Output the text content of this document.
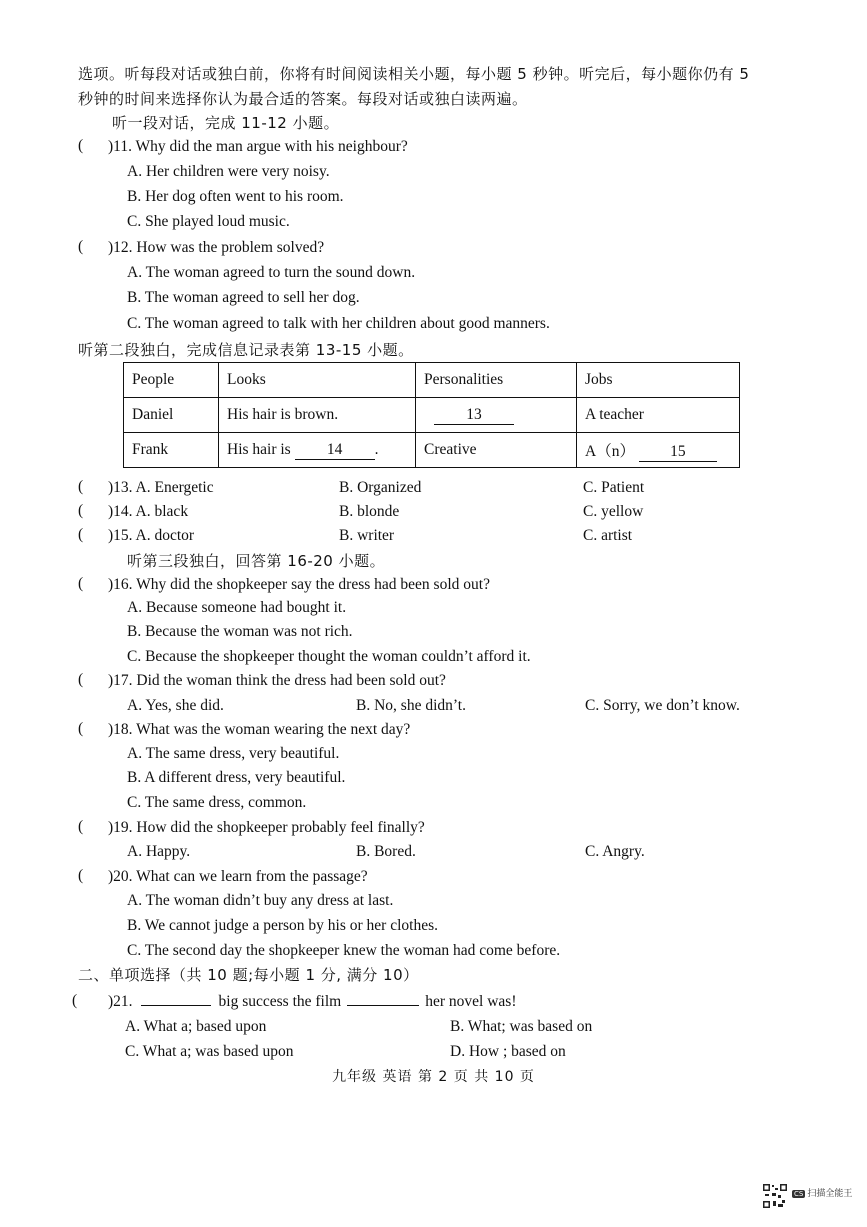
选项。听每段对话或独白前，你将有时间阅读相关小题，每小题 5 秒钟。听完后，每小题你仍有 5
秒钟的时间来选择你认为最合适的答案。每段对话或独白读两遍。
听一段对话，完成 11-12 小题。
( )11. Why did the man argue with his neighbour?
A. Her children were very noisy.
B. Her dog often went to his room.
C. She played loud music.
( )12. How was the problem solved?
A. The woman agreed to turn the sound down.
B. The woman agreed to sell her dog.
C. The woman agreed to talk with her children about good manners.
听第二段独白，完成信息记录表第 13-15 小题。
People	Looks	Personalities	Jobs
Daniel	His hair is brown.	13	A teacher
Frank	His hair is 14 .	Creative	A（n） 15
( )13. A. Energetic	B. Organized	C. Patient
( )14. A. black	B. blonde	C. yellow
( )15. A. doctor	B. writer	C. artist
听第三段独白，回答第 16-20 小题。
( )16. Why did the shopkeeper say the dress had been sold out?
A. Because someone had bought it.
B. Because the woman was not rich.
C. Because the shopkeeper thought the woman couldn’t afford it.
( )17. Did the woman think the dress had been sold out?
A. Yes, she did.	B. No, she didn’t.	C. Sorry, we don’t know.
( )18. What was the woman wearing the next day?
A. The same dress, very beautiful.
B. A different dress, very beautiful.
C. The same dress, common.
( )19. How did the shopkeeper probably feel finally?
A. Happy.	B. Bored.	C. Angry.
( )20. What can we learn from the passage?
A. The woman didn’t buy any dress at last.
B. We cannot judge a person by his or her clothes.
C. The second day the shopkeeper knew the woman had come before.
二、单项选择（共 10 题;每小题 1 分, 满分 10）
( )21.	big success the film	her novel was!
A. What a; based upon	B. What; was based on
C. What a; was based upon	D. How ; based on
九年级 英语 第 2 页 共 10 页
CS 扫描全能王
